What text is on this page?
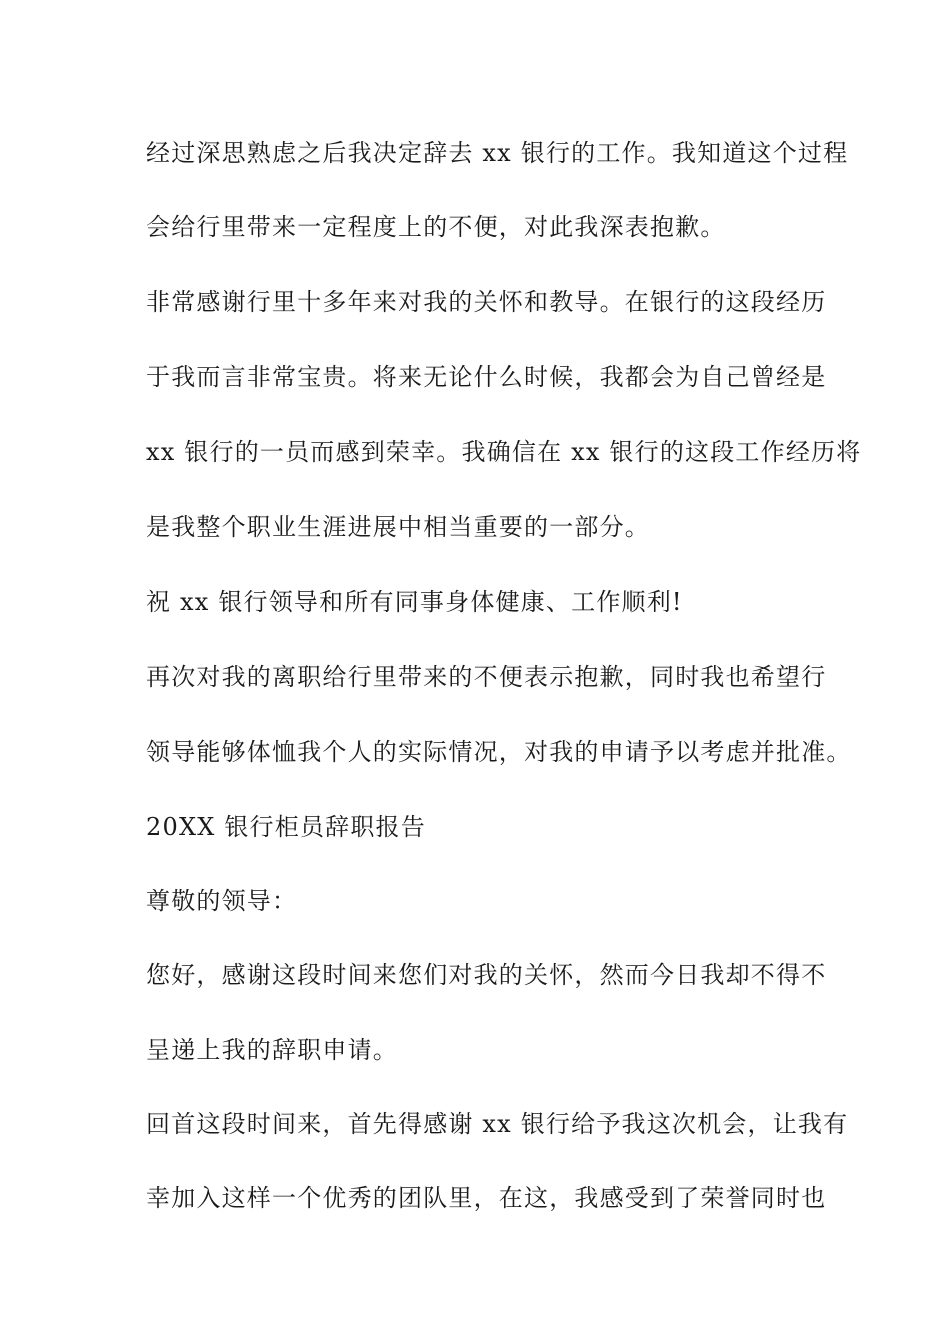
经过深思熟虑之后我决定辞去 xx 银行的工作。我知道这个过程
会给行里带来一定程度上的不便，对此我深表抱歉。
非常感谢行里十多年来对我的关怀和教导。在银行的这段经历
于我而言非常宝贵。将来无论什么时候，我都会为自己曾经是
xx 银行的一员而感到荣幸。我确信在 xx 银行的这段工作经历将
是我整个职业生涯进展中相当重要的一部分。
祝 xx 银行领导和所有同事身体健康、工作顺利!
再次对我的离职给行里带来的不便表示抱歉，同时我也希望行
领导能够体恤我个人的实际情况，对我的申请予以考虑并批准。
20XX 银行柜员辞职报告
尊敬的领导：
您好，感谢这段时间来您们对我的关怀，然而今日我却不得不
呈递上我的辞职申请。
回首这段时间来，首先得感谢 xx 银行给予我这次机会，让我有
幸加入这样一个优秀的团队里，在这，我感受到了荣誉同时也
